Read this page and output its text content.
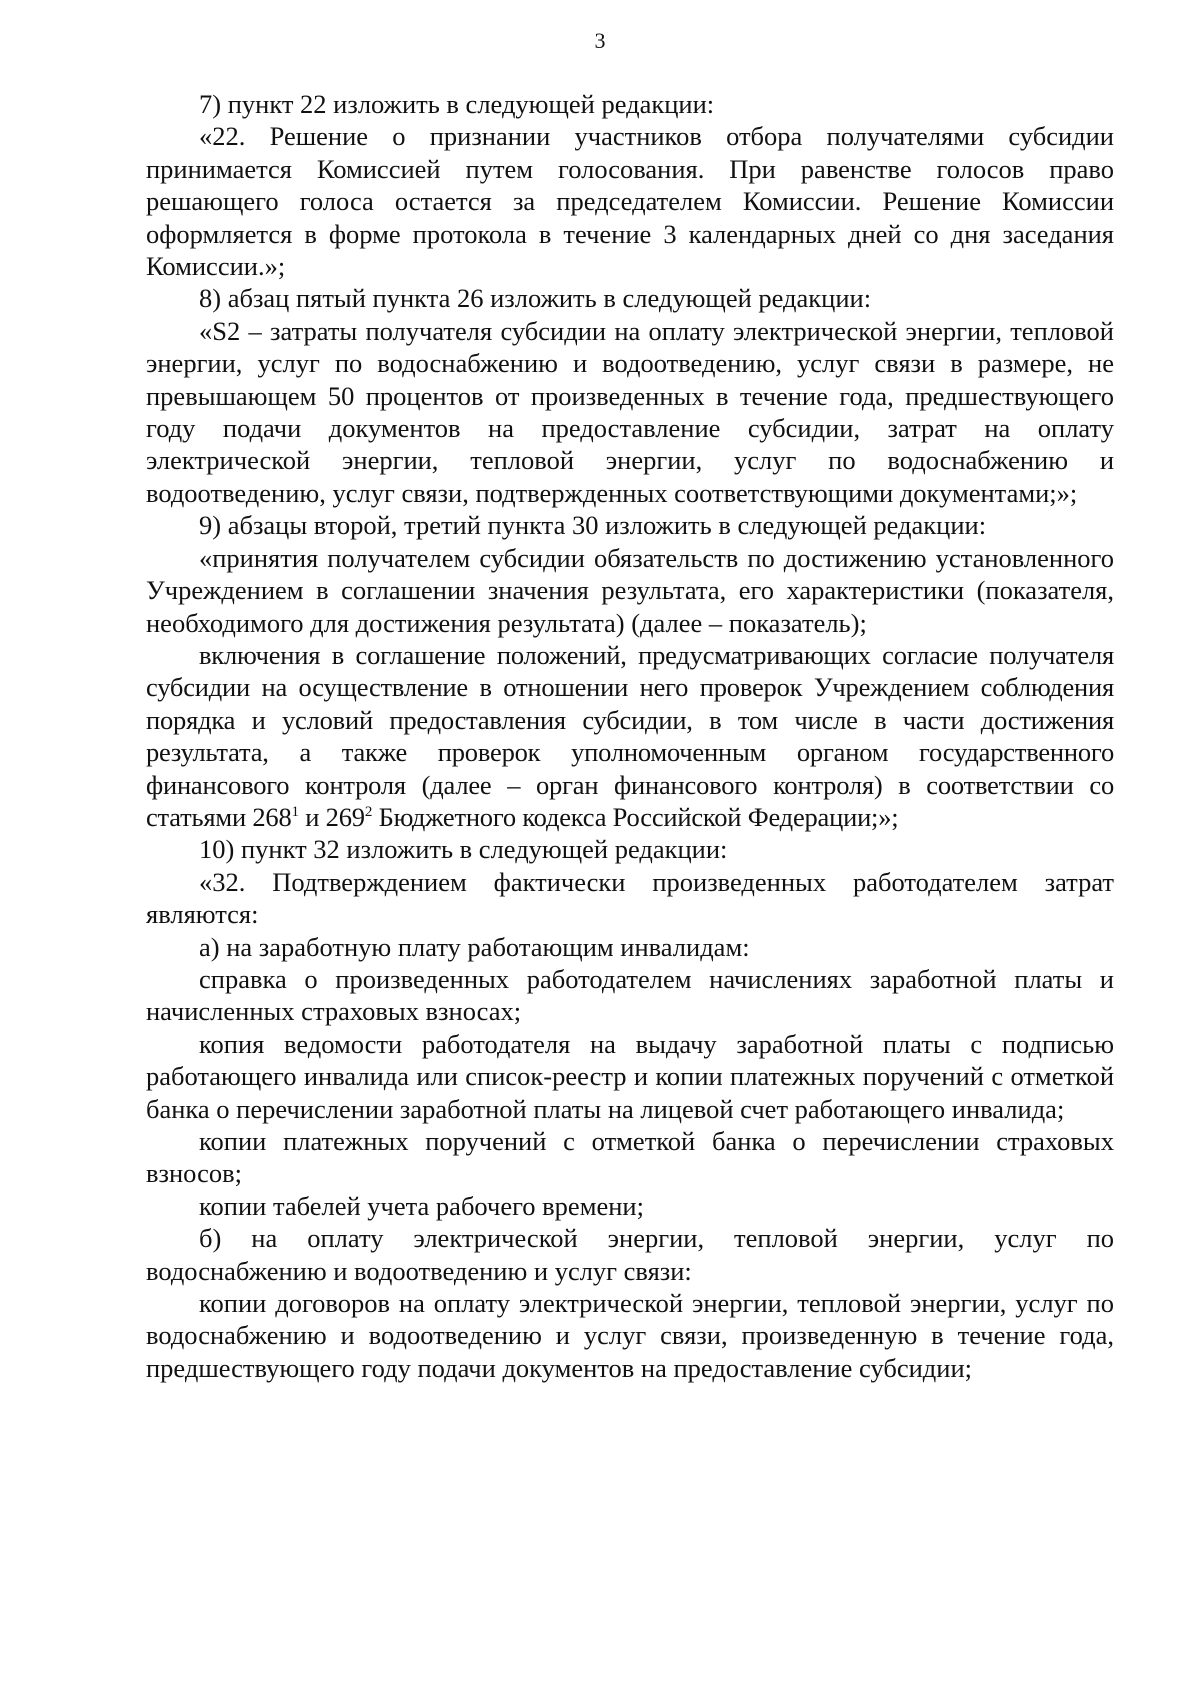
3

7) пункт 22 изложить в следующей редакции:

«22. Решение о признании участников отбора получателями субсидии принимается Комиссией путем голосования. При равенстве голосов право решающего голоса остается за председателем Комиссии. Решение Комиссии оформляется в форме протокола в течение 3 календарных дней со дня заседания Комиссии.»;

8) абзац пятый пункта 26 изложить в следующей редакции:

«S2 – затраты получателя субсидии на оплату электрической энергии, тепловой энергии, услуг по водоснабжению и водоотведению, услуг связи в размере, не превышающем 50 процентов от произведенных в течение года, предшествующего году подачи документов на предоставление субсидии, затрат на оплату электрической энергии, тепловой энергии, услуг по водоснабжению и водоотведению, услуг связи, подтвержденных соответствующими документами;»;

9) абзацы второй, третий пункта 30 изложить в следующей редакции:

«принятия получателем субсидии обязательств по достижению установленного Учреждением в соглашении значения результата, его характеристики (показателя, необходимого для достижения результата) (далее – показатель);

включения в соглашение положений, предусматривающих согласие получателя субсидии на осуществление в отношении него проверок Учреждением соблюдения порядка и условий предоставления субсидии, в том числе в части достижения результата, а также проверок уполномоченным органом государственного финансового контроля (далее – орган финансового контроля) в соответствии со статьями $268^1$ и $269^2$ Бюджетного кодекса Российской Федерации;»;

10) пункт 32 изложить в следующей редакции:

«32. Подтверждением фактически произведенных работодателем затрат являются:

а) на заработную плату работающим инвалидам:

справка о произведенных работодателем начислениях заработной платы и начисленных страховых взносах;

копия ведомости работодателя на выдачу заработной платы с подписью работающего инвалида или список-реестр и копии платежных поручений с отметкой банка о перечислении заработной платы на лицевой счет работающего инвалида;

копии платежных поручений с отметкой банка о перечислении страховых взносов;

копии табелей учета рабочего времени;

б) на оплату электрической энергии, тепловой энергии, услуг по водоснабжению и водоотведению и услуг связи:

копии договоров на оплату электрической энергии, тепловой энергии, услуг по водоснабжению и водоотведению и услуг связи, произведенную в течение года, предшествующего году подачи документов на предоставление субсидии;
